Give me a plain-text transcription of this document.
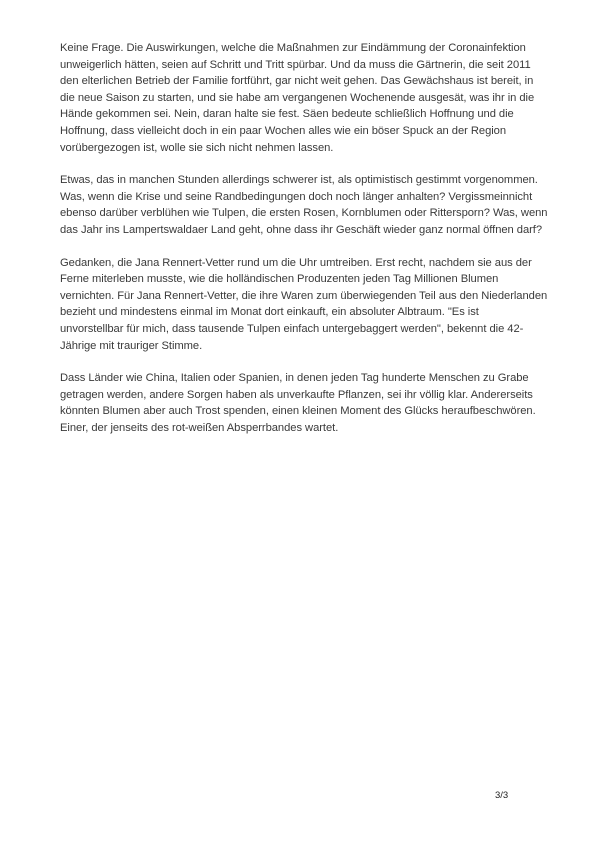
Keine Frage. Die Auswirkungen, welche die Maßnahmen zur Eindämmung der Coronainfektion
unweigerlich hätten, seien auf Schritt und Tritt spürbar. Und da muss die Gärtnerin, die seit 2011
den elterlichen Betrieb der Familie fortführt, gar nicht weit gehen. Das Gewächshaus ist bereit, in
die neue Saison zu starten, und sie habe am vergangenen Wochenende ausgesät, was ihr in die
Hände gekommen sei. Nein, daran halte sie fest. Säen bedeute schließlich Hoffnung und die
Hoffnung, dass vielleicht doch in ein paar Wochen alles wie ein böser Spuck an der Region
vorübergezogen ist, wolle sie sich nicht nehmen lassen.

Etwas, das in manchen Stunden allerdings schwerer ist, als optimistisch gestimmt vorgenommen.
Was, wenn die Krise und seine Randbedingungen doch noch länger anhalten? Vergissmeinnicht
ebenso darüber verblühen wie Tulpen, die ersten Rosen, Kornblumen oder Rittersporn? Was, wenn
das Jahr ins Lampertswaldaer Land geht, ohne dass ihr Geschäft wieder ganz normal öffnen darf?

Gedanken, die Jana Rennert-Vetter rund um die Uhr umtreiben. Erst recht, nachdem sie aus der
Ferne miterleben musste, wie die holländischen Produzenten jeden Tag Millionen Blumen
vernichten. Für Jana Rennert-Vetter, die ihre Waren zum überwiegenden Teil aus den Niederlanden
bezieht und mindestens einmal im Monat dort einkauft, ein absoluter Albtraum. "Es ist
unvorstellbar für mich, dass tausende Tulpen einfach untergebaggert werden", bekennt die 42-
Jährige mit trauriger Stimme.

Dass Länder wie China, Italien oder Spanien, in denen jeden Tag hunderte Menschen zu Grabe
getragen werden, andere Sorgen haben als unverkaufte Pflanzen, sei ihr völlig klar. Andererseits
könnten Blumen aber auch Trost spenden, einen kleinen Moment des Glücks heraufbeschwören.
Einer, der jenseits des rot-weißen Absperrbandes wartet.

3/3
